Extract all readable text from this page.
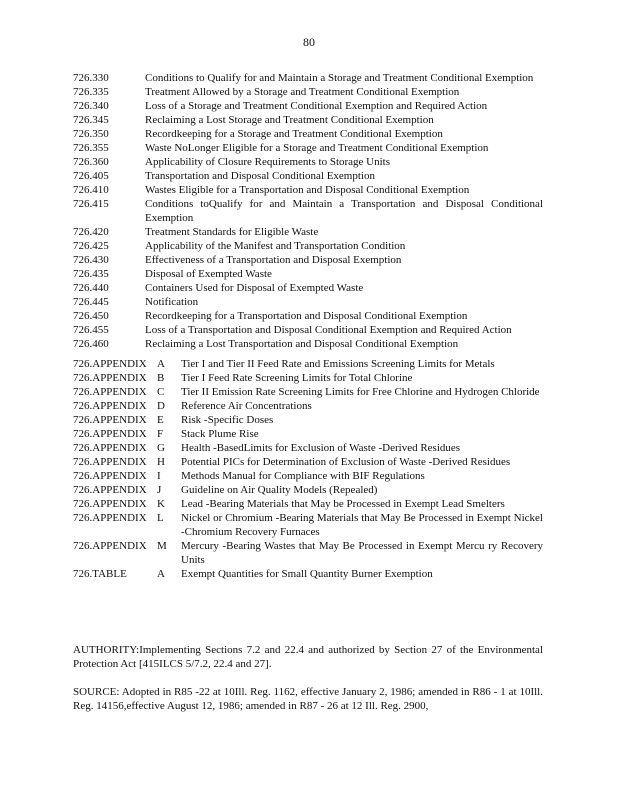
80
726.330	Conditions to Qualify for and Maintain a Storage and Treatment Conditional Exemption
726.335	Treatment Allowed by a Storage and Treatment Conditional Exemption
726.340	Loss of a Storage and Treatment Conditional Exemption and Required Action
726.345	Reclaiming a Lost Storage and Treatment Conditional Exemption
726.350	Recordkeeping for a Storage and Treatment Conditional Exemption
726.355	Waste NoLonger Eligible for a Storage and Treatment Conditional Exemption
726.360	Applicability of Closure Requirements to Storage Units
726.405	Transportation and Disposal Conditional Exemption
726.410	Wastes Eligible for a Transportation and Disposal Conditional Exemption
726.415	Conditions toQualify for and Maintain a Transportation and Disposal Conditional Exemption
726.420	Treatment Standards for Eligible Waste
726.425	Applicability of the Manifest and Transportation Condition
726.430	Effectiveness of a Transportation and Disposal Exemption
726.435	Disposal of Exempted Waste
726.440	Containers Used for Disposal of Exempted Waste
726.445	Notification
726.450	Recordkeeping for a Transportation and Disposal Conditional Exemption
726.455	Loss of a Transportation and Disposal Conditional Exemption and Required Action
726.460	Reclaiming a Lost Transportation and Disposal Conditional Exemption
726.APPENDIX A	Tier I and Tier II Feed Rate and Emissions Screening Limits for Metals
726.APPENDIX B	Tier I Feed Rate Screening Limits for Total Chlorine
726.APPENDIX C	Tier II Emission Rate Screening Limits for Free Chlorine and Hydrogen Chloride
726.APPENDIX D	Reference Air Concentrations
726.APPENDIX E	Risk -Specific Doses
726.APPENDIX F	Stack Plume Rise
726.APPENDIX G	Health -BasedLimits for Exclusion of Waste -Derived Residues
726.APPENDIX H	Potential PICs for Determination of Exclusion of Waste -Derived Residues
726.APPENDIX I	Methods Manual for Compliance with BIF Regulations
726.APPENDIX J	Guideline on Air Quality Models (Repealed)
726.APPENDIX K	Lead -Bearing Materials that May be Processed in Exempt Lead Smelters
726.APPENDIX L	Nickel or Chromium -Bearing Materials that May Be Processed in Exempt Nickel -Chromium Recovery Furnaces
726.APPENDIX M	Mercury -Bearing Wastes that May Be Processed in Exempt Mercu ry Recovery Units
726.TABLE	A	Exempt Quantities for Small Quantity Burner Exemption
AUTHORITY:Implementing Sections 7.2 and 22.4 and authorized by Section 27 of the Environmental Protection Act [415ILCS 5/7.2, 22.4 and 27].
SOURCE: Adopted in R85 -22 at 10Ill. Reg. 1162, effective January 2, 1986; amended in R86 - 1 at 10Ill. Reg. 14156,effective August 12, 1986; amended in R87 - 26 at 12 Ill. Reg. 2900,
